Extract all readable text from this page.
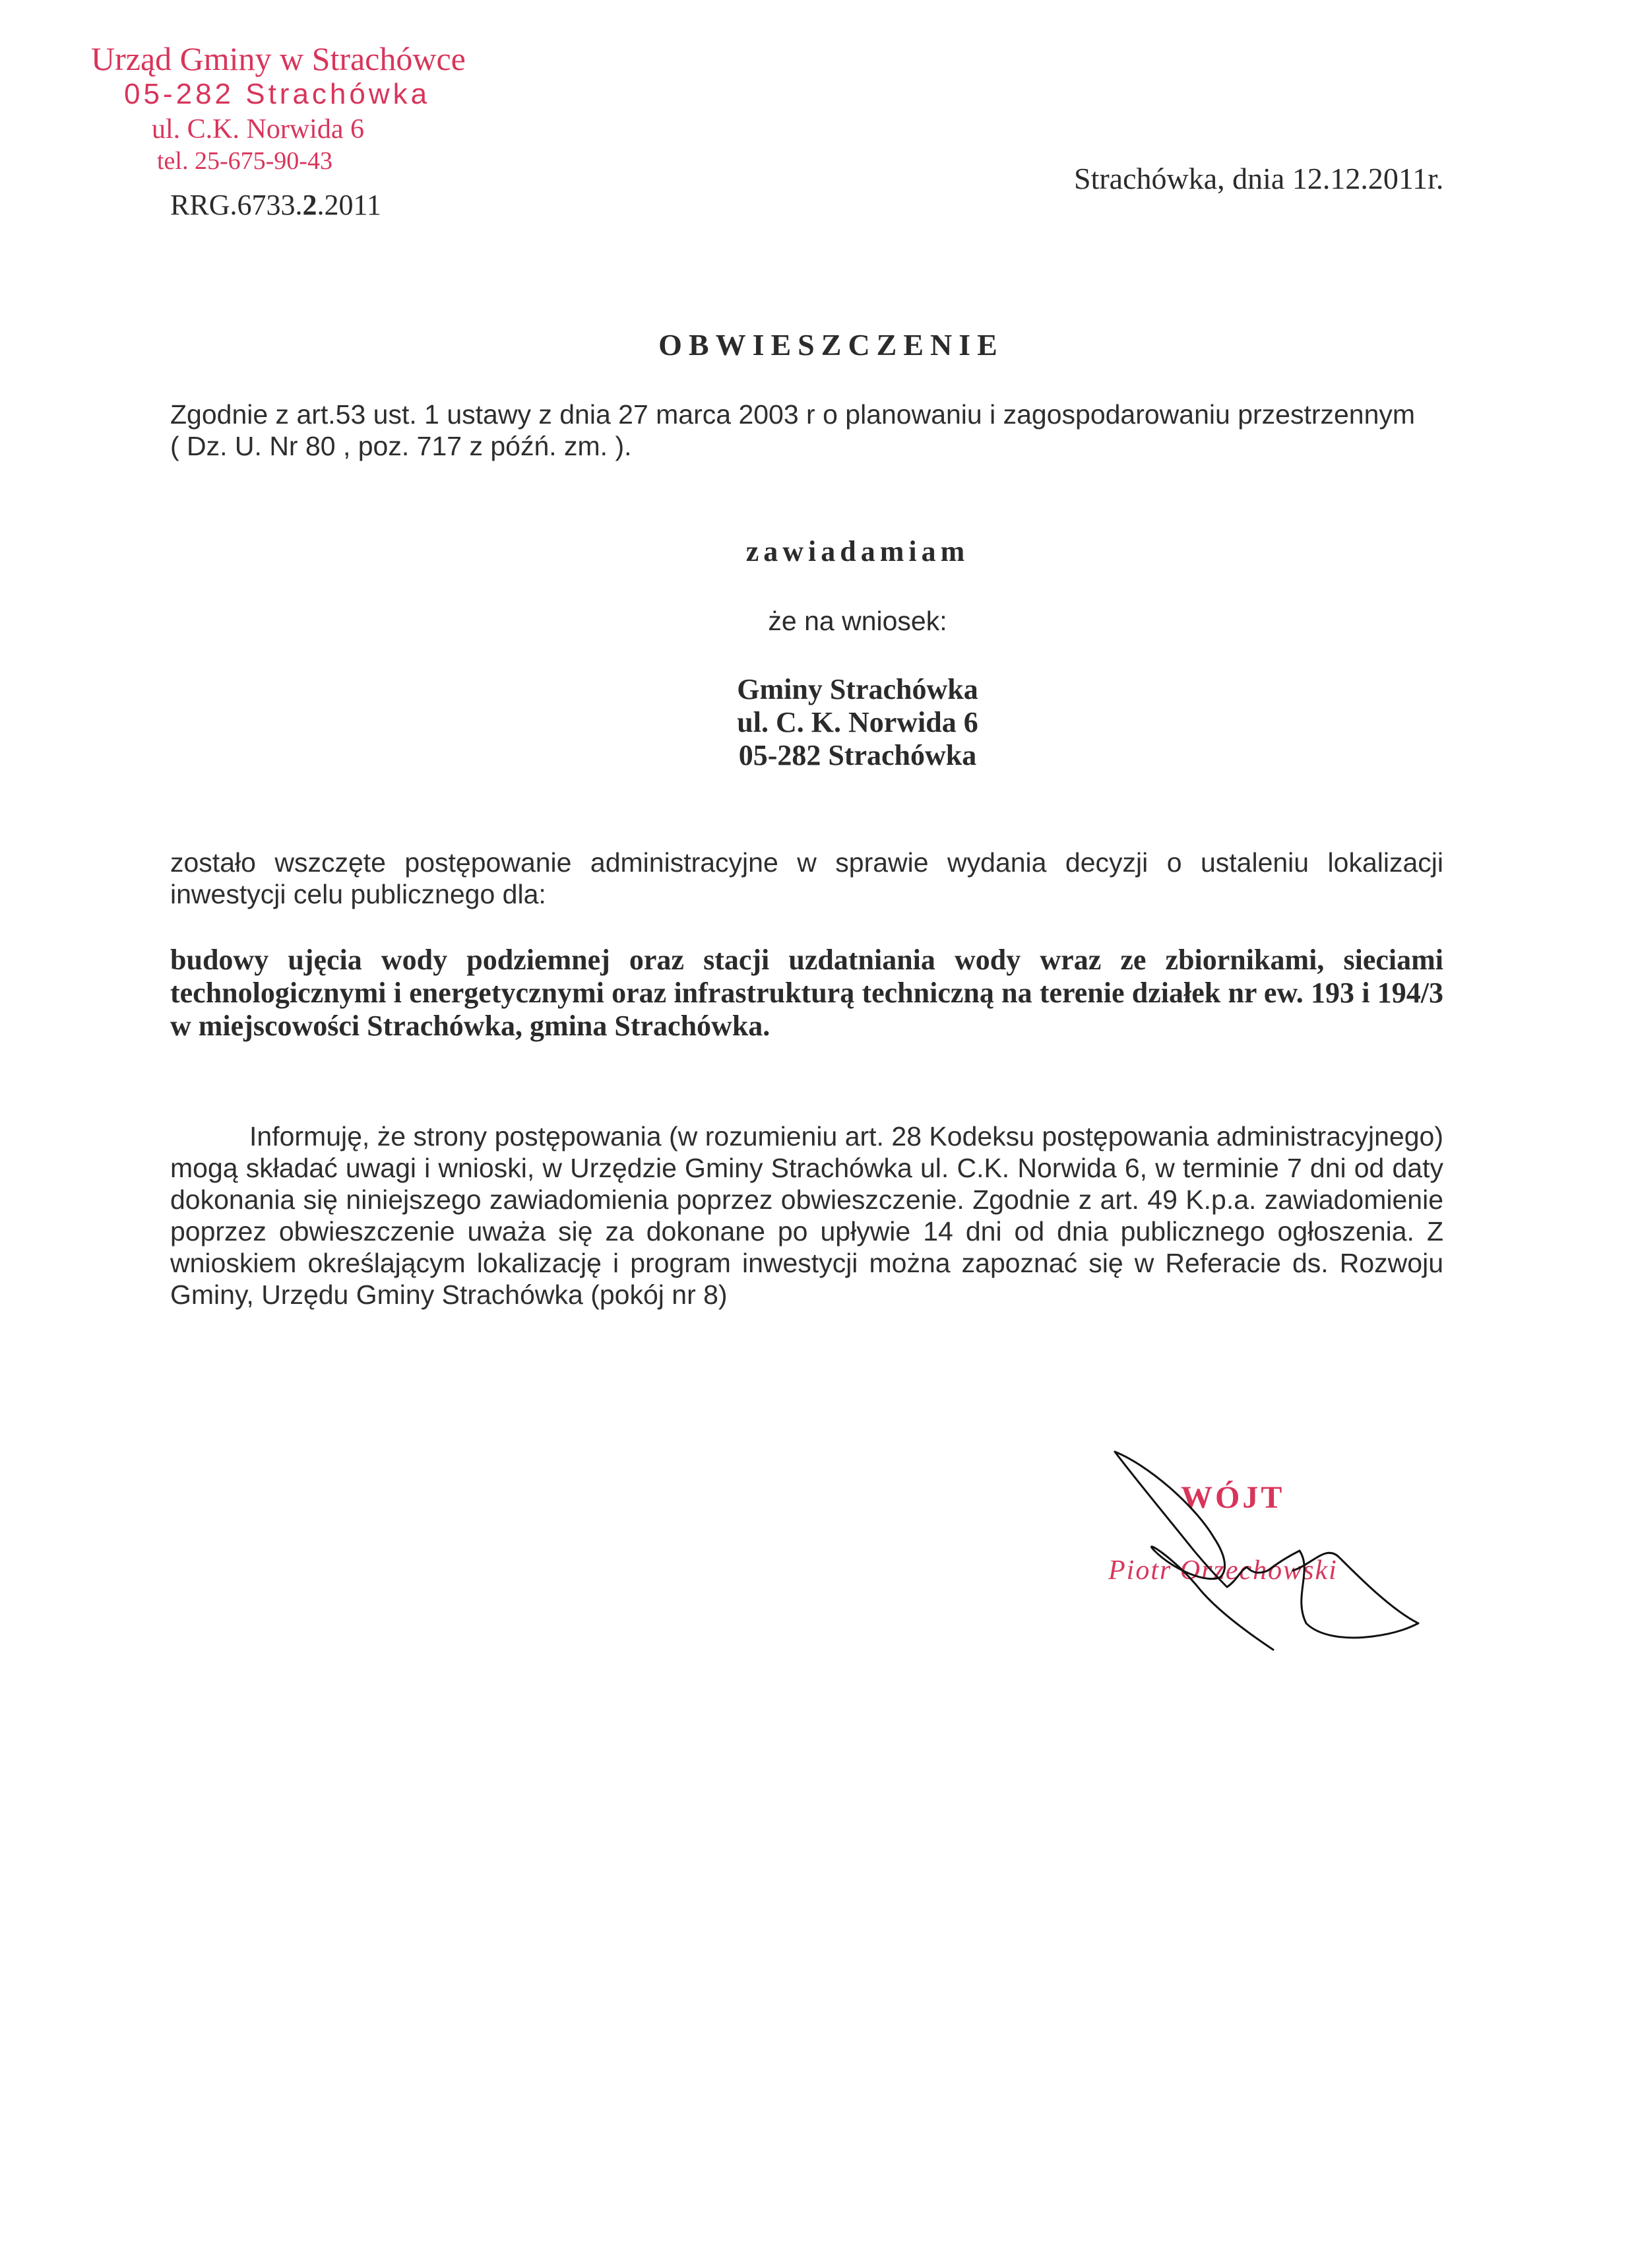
Urząd Gminy w Strachówce
05-282 Strachówka
ul. C.K. Norwida 6
tel. 25-675-90-43
RRG.6733.2.2011
Strachówka, dnia 12.12.2011r.
OBWIESZCZENIE
Zgodnie z art.53 ust. 1 ustawy z dnia 27 marca 2003 r o planowaniu i zagospodarowaniu przestrzennym
( Dz. U. Nr 80 , poz. 717 z późń. zm. ).
zawiadamiam
że na wniosek:
Gminy Strachówka
ul. C. K. Norwida 6
05-282 Strachówka
zostało wszczęte postępowanie administracyjne w sprawie wydania decyzji o ustaleniu lokalizacji inwestycji celu publicznego dla:
budowy ujęcia wody podziemnej oraz stacji uzdatniania wody wraz ze zbiornikami, sieciami technologicznymi i energetycznymi oraz infrastrukturą techniczną na terenie działek nr ew. 193 i 194/3 w miejscowości Strachówka, gmina Strachówka.
Informuję, że strony postępowania (w rozumieniu art. 28 Kodeksu postępowania administracyjnego) mogą składać uwagi i wnioski, w Urzędzie Gminy Strachówka ul. C.K. Norwida 6, w terminie 7 dni od daty dokonania się niniejszego zawiadomienia poprzez obwieszczenie. Zgodnie z art. 49 K.p.a. zawiadomienie poprzez obwieszczenie uważa się za dokonane po upływie 14 dni od dnia publicznego ogłoszenia. Z wnioskiem określającym lokalizację i program inwestycji można zapoznać się w Referacie ds. Rozwoju Gminy, Urzędu Gminy Strachówka (pokój nr 8)
WÓJT
Piotr Orzechowski
